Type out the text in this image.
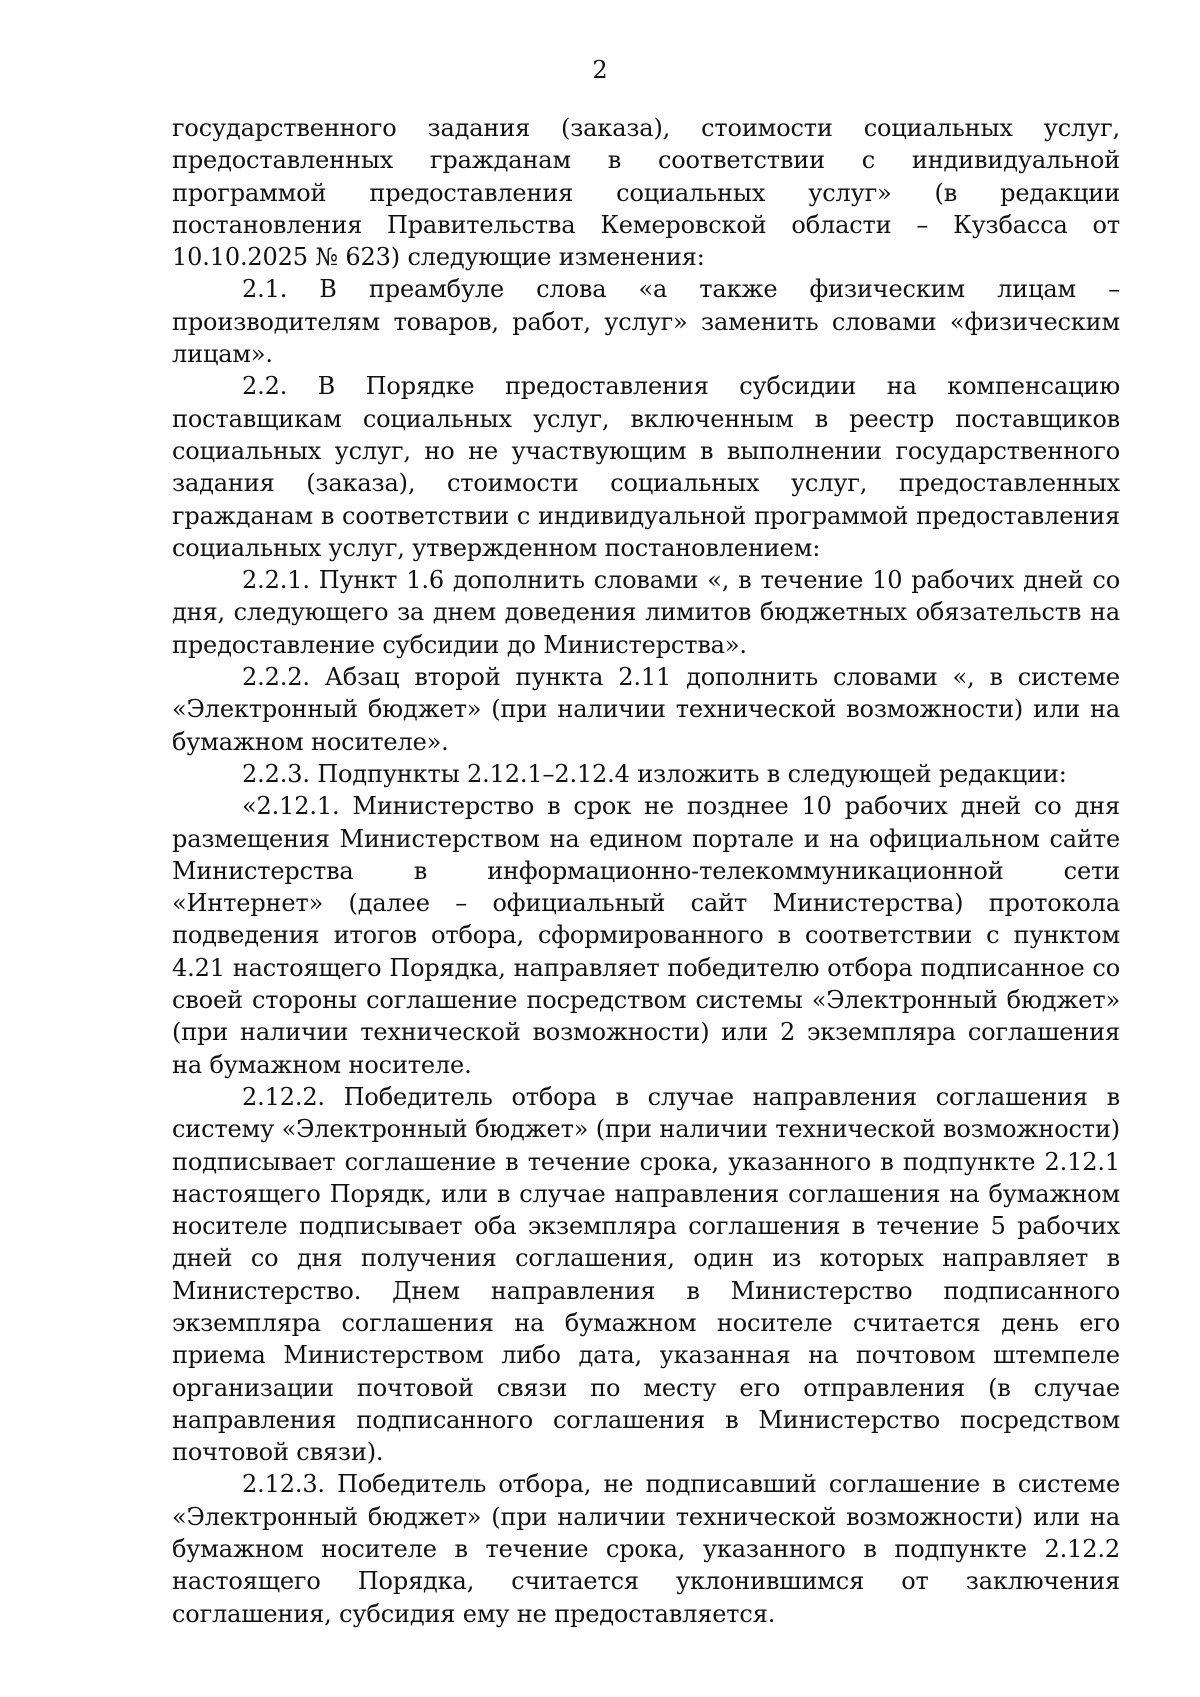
2

государственного задания (заказа), стоимости социальных услуг, предоставленных гражданам в соответствии с индивидуальной программой предоставления социальных услуг» (в редакции постановления Правительства Кемеровской области – Кузбасса от 10.10.2025 № 623) следующие изменения:

2.1. В преамбуле слова «а также физическим лицам – производителям товаров, работ, услуг» заменить словами «физическим лицам».

2.2. В Порядке предоставления субсидии на компенсацию поставщикам социальных услуг, включенным в реестр поставщиков социальных услуг, но не участвующим в выполнении государственного задания (заказа), стоимости социальных услуг, предоставленных гражданам в соответствии с индивидуальной программой предоставления социальных услуг, утвержденном постановлением:

2.2.1. Пункт 1.6 дополнить словами «, в течение 10 рабочих дней со дня, следующего за днем доведения лимитов бюджетных обязательств на предоставление субсидии до Министерства».

2.2.2. Абзац второй пункта 2.11 дополнить словами «, в системе «Электронный бюджет» (при наличии технической возможности) или на бумажном носителе».

2.2.3. Подпункты 2.12.1–2.12.4 изложить в следующей редакции:

«2.12.1. Министерство в срок не позднее 10 рабочих дней со дня размещения Министерством на едином портале и на официальном сайте Министерства в информационно-телекоммуникационной сети «Интернет» (далее – официальный сайт Министерства) протокола подведения итогов отбора, сформированного в соответствии с пунктом 4.21 настоящего Порядка, направляет победителю отбора подписанное со своей стороны соглашение посредством системы «Электронный бюджет» (при наличии технической возможности) или 2 экземпляра соглашения на бумажном носителе.

2.12.2. Победитель отбора в случае направления соглашения в систему «Электронный бюджет» (при наличии технической возможности) подписывает соглашение в течение срока, указанного в подпункте 2.12.1 настоящего Порядк, или в случае направления соглашения на бумажном носителе подписывает оба экземпляра соглашения в течение 5 рабочих дней со дня получения соглашения, один из которых направляет в Министерство. Днем направления в Министерство подписанного экземпляра соглашения на бумажном носителе считается день его приема Министерством либо дата, указанная на почтовом штемпеле организации почтовой связи по месту его отправления (в случае направления подписанного соглашения в Министерство посредством почтовой связи).

2.12.3. Победитель отбора, не подписавший соглашение в системе «Электронный бюджет» (при наличии технической возможности) или на бумажном носителе в течение срока, указанного в подпункте 2.12.2 настоящего Порядка, считается уклонившимся от заключения соглашения, субсидия ему не предоставляется.
